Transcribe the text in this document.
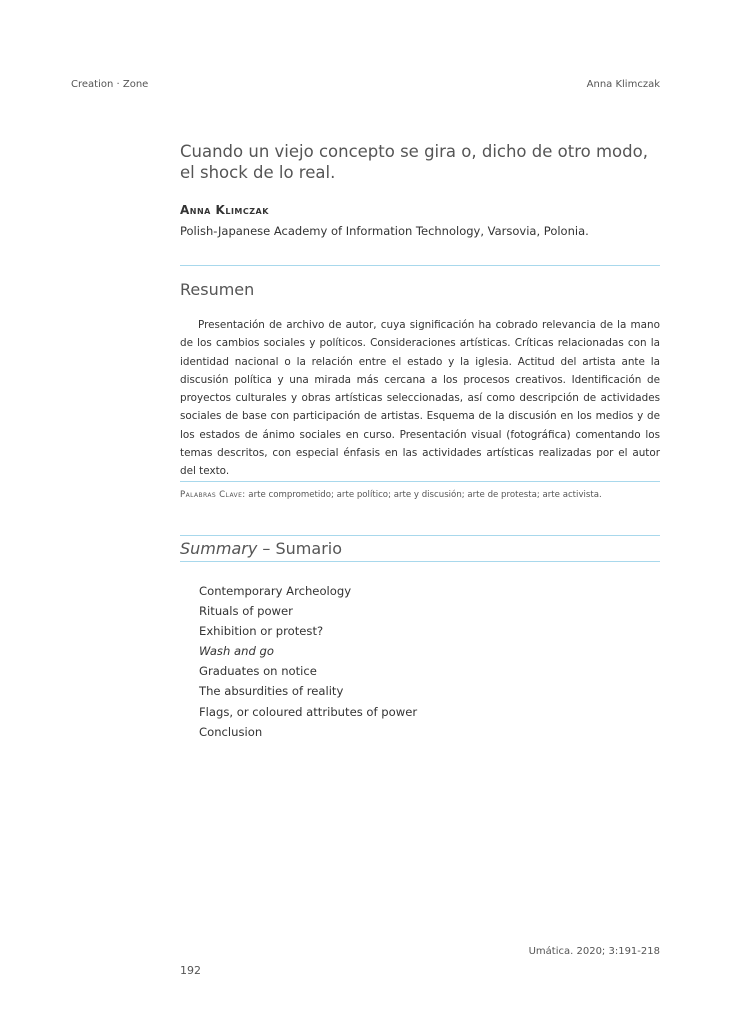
Creation · Zone	Anna Klimczak
Cuando un viejo concepto se gira o, dicho de otro modo,
el shock de lo real.
Anna Klimczak
Polish-Japanese Academy of Information Technology, Varsovia, Polonia.
Resumen

Presentación de archivo de autor, cuya significación ha cobrado relevancia de la mano de los cambios sociales y políticos. Consideraciones artísticas. Críticas relacionadas con la identidad nacional o la relación entre el estado y la iglesia. Actitud del artista ante la discusión política y una mirada más cercana a los procesos creativos. Identificación de proyectos culturales y obras artísticas seleccionadas, así como descripción de actividades sociales de base con participación de artistas. Esquema de la discusión en los medios y de los estados de ánimo sociales en curso. Presentación visual (fotográfica) comentando los temas descritos, con especial énfasis en las actividades artísticas realizadas por el autor del texto.

Palabras Clave: arte comprometido; arte político; arte y discusión; arte de protesta; arte activista.
Summary – Sumario
Contemporary Archeology
Rituals of power
Exhibition or protest?
Wash and go
Graduates on notice
The absurdities of reality
Flags, or coloured attributes of power
Conclusion
Umática. 2020; 3:191-218
192
